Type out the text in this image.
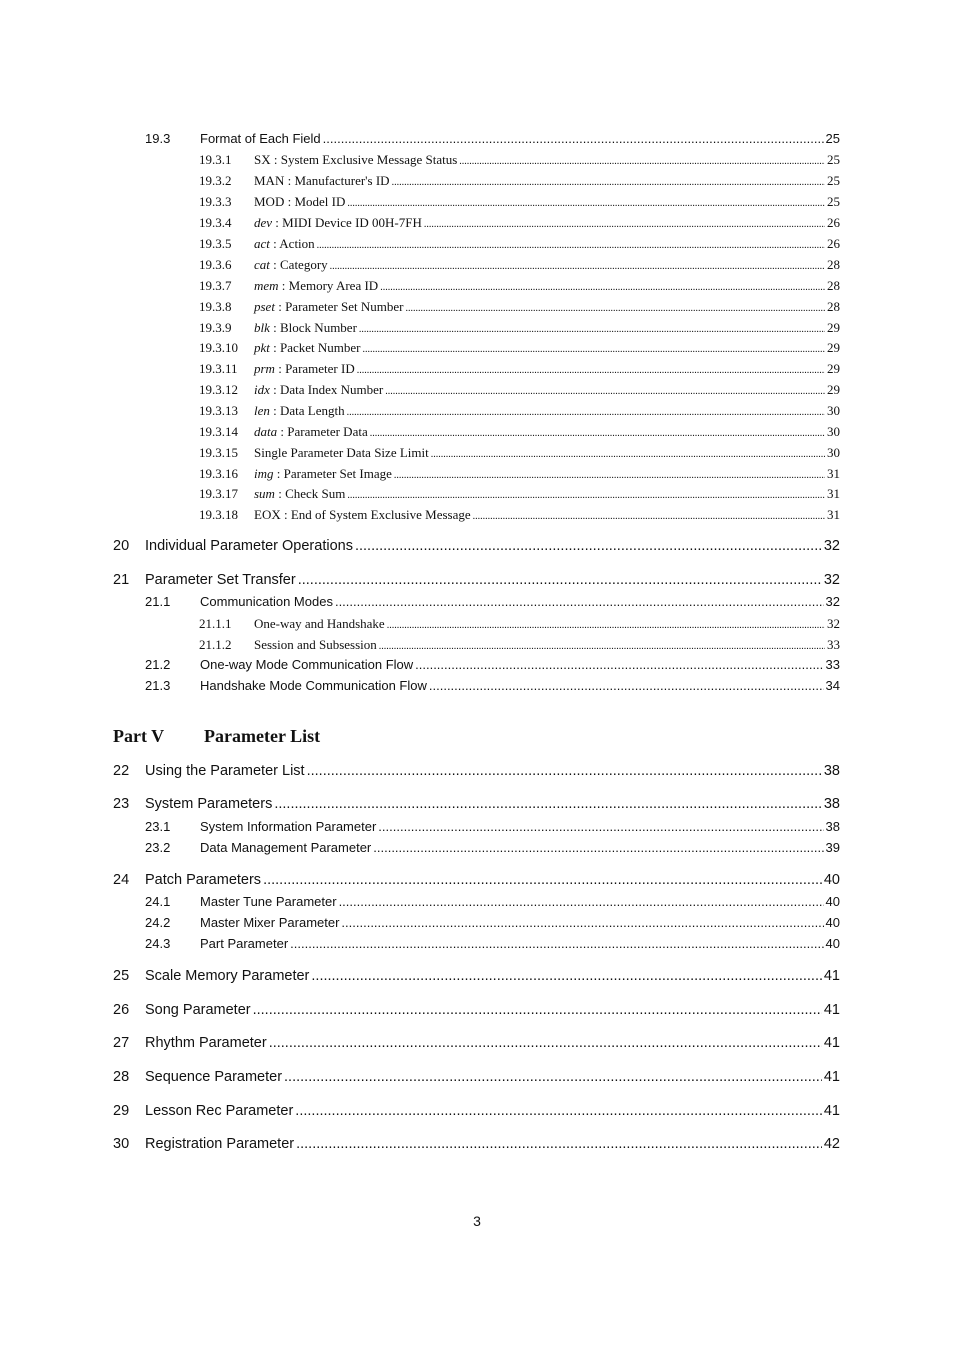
19.3 Format of Each Field .....	25
19.3.1 SX : System Exclusive Message Status .....	25
19.3.2 MAN : Manufacturer's ID .....	25
19.3.3 MOD : Model ID .....	25
19.3.4 dev : MIDI Device ID 00H-7FH .....	26
19.3.5 act : Action .....	26
19.3.6 cat : Category .....	28
19.3.7 mem : Memory Area ID .....	28
19.3.8 pset : Parameter Set Number .....	28
19.3.9 blk : Block Number .....	29
19.3.10 pkt : Packet Number .....	29
19.3.11 prm : Parameter ID .....	29
19.3.12 idx : Data Index Number .....	29
19.3.13 len : Data Length .....	30
19.3.14 data : Parameter Data .....	30
19.3.15 Single Parameter Data Size Limit .....	30
19.3.16 img : Parameter Set Image .....	31
19.3.17 sum : Check Sum .....	31
19.3.18 EOX : End of System Exclusive Message .....	31
20 Individual Parameter Operations .....	32
21 Parameter Set Transfer .....	32
21.1 Communication Modes .....	32
21.1.1 One-way and Handshake .....	32
21.1.2 Session and Subsession .....	33
21.2 One-way Mode Communication Flow .....	33
21.3 Handshake Mode Communication Flow .....	34
22 Using the Parameter List .....	38
23 System Parameters .....	38
23.1 System Information Parameter .....	38
23.2 Data Management Parameter .....	39
24 Patch Parameters .....	40
24.1 Master Tune Parameter .....	40
24.2 Master Mixer Parameter .....	40
24.3 Part Parameter .....	40
25 Scale Memory Parameter .....	41
26 Song Parameter .....	41
27 Rhythm Parameter .....	41
28 Sequence Parameter .....	41
29 Lesson Rec Parameter .....	41
30 Registration Parameter .....	42
Part V Parameter List
3
